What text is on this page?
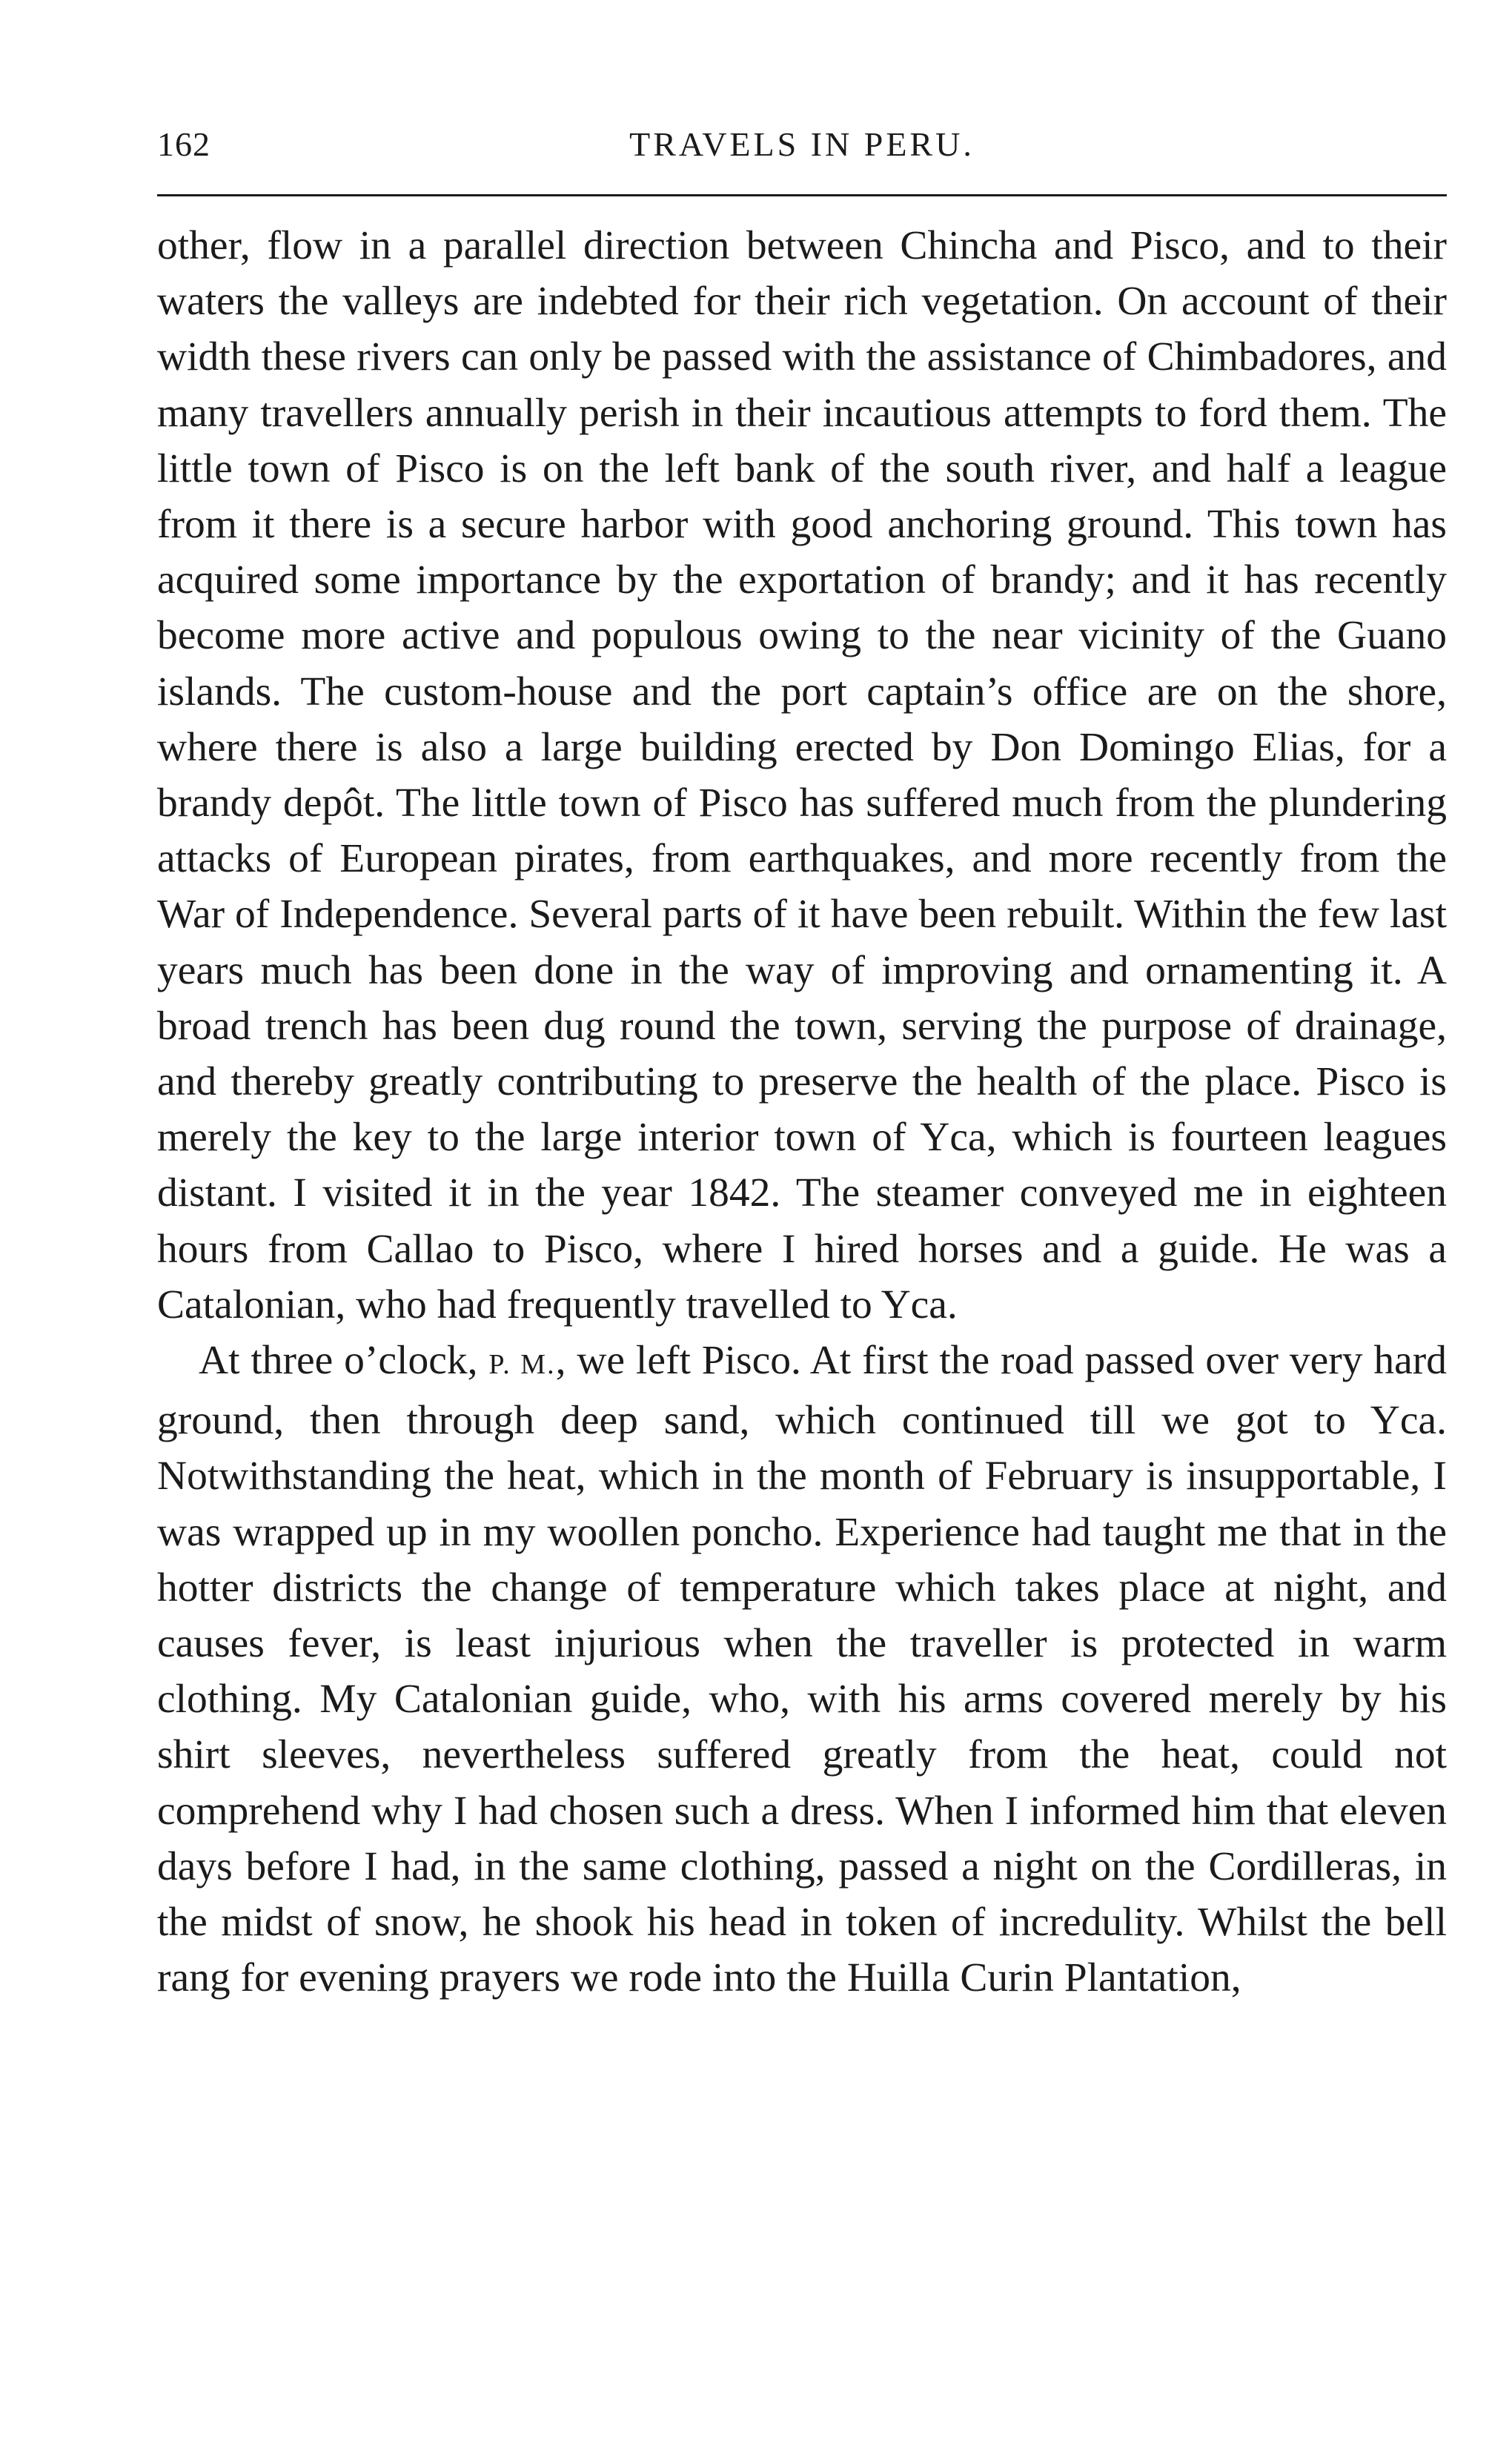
162	TRAVELS IN PERU.

other, flow in a parallel direction between Chincha and Pisco, and to their waters the valleys are indebted for their rich vegetation. On account of their width these rivers can only be passed with the assistance of Chimbadores, and many travellers annually perish in their incautious attempts to ford them. The little town of Pisco is on the left bank of the south river, and half a league from it there is a secure harbor with good anchoring ground. This town has acquired some importance by the exportation of brandy; and it has recently become more active and populous owing to the near vicinity of the Guano islands. The custom-house and the port captain’s office are on the shore, where there is also a large building erected by Don Domingo Elias, for a brandy depôt. The little town of Pisco has suffered much from the plundering attacks of European pirates, from earthquakes, and more recently from the War of Independence. Several parts of it have been rebuilt. Within the few last years much has been done in the way of improving and ornamenting it. A broad trench has been dug round the town, serving the purpose of drainage, and thereby greatly contributing to preserve the health of the place. Pisco is merely the key to the large interior town of Yca, which is fourteen leagues distant. I visited it in the year 1842. The steamer conveyed me in eighteen hours from Callao to Pisco, where I hired horses and a guide. He was a Catalonian, who had frequently travelled to Yca.

At three o’clock, P. M., we left Pisco. At first the road passed over very hard ground, then through deep sand, which continued till we got to Yca. Notwithstanding the heat, which in the month of February is insupportable, I was wrapped up in my woollen poncho. Experience had taught me that in the hotter districts the change of temperature which takes place at night, and causes fever, is least injurious when the traveller is protected in warm clothing. My Catalonian guide, who, with his arms covered merely by his shirt sleeves, nevertheless suffered greatly from the heat, could not comprehend why I had chosen such a dress. When I informed him that eleven days before I had, in the same clothing, passed a night on the Cordilleras, in the midst of snow, he shook his head in token of incredulity. Whilst the bell rang for evening prayers we rode into the Huilla Curin Plantation,
